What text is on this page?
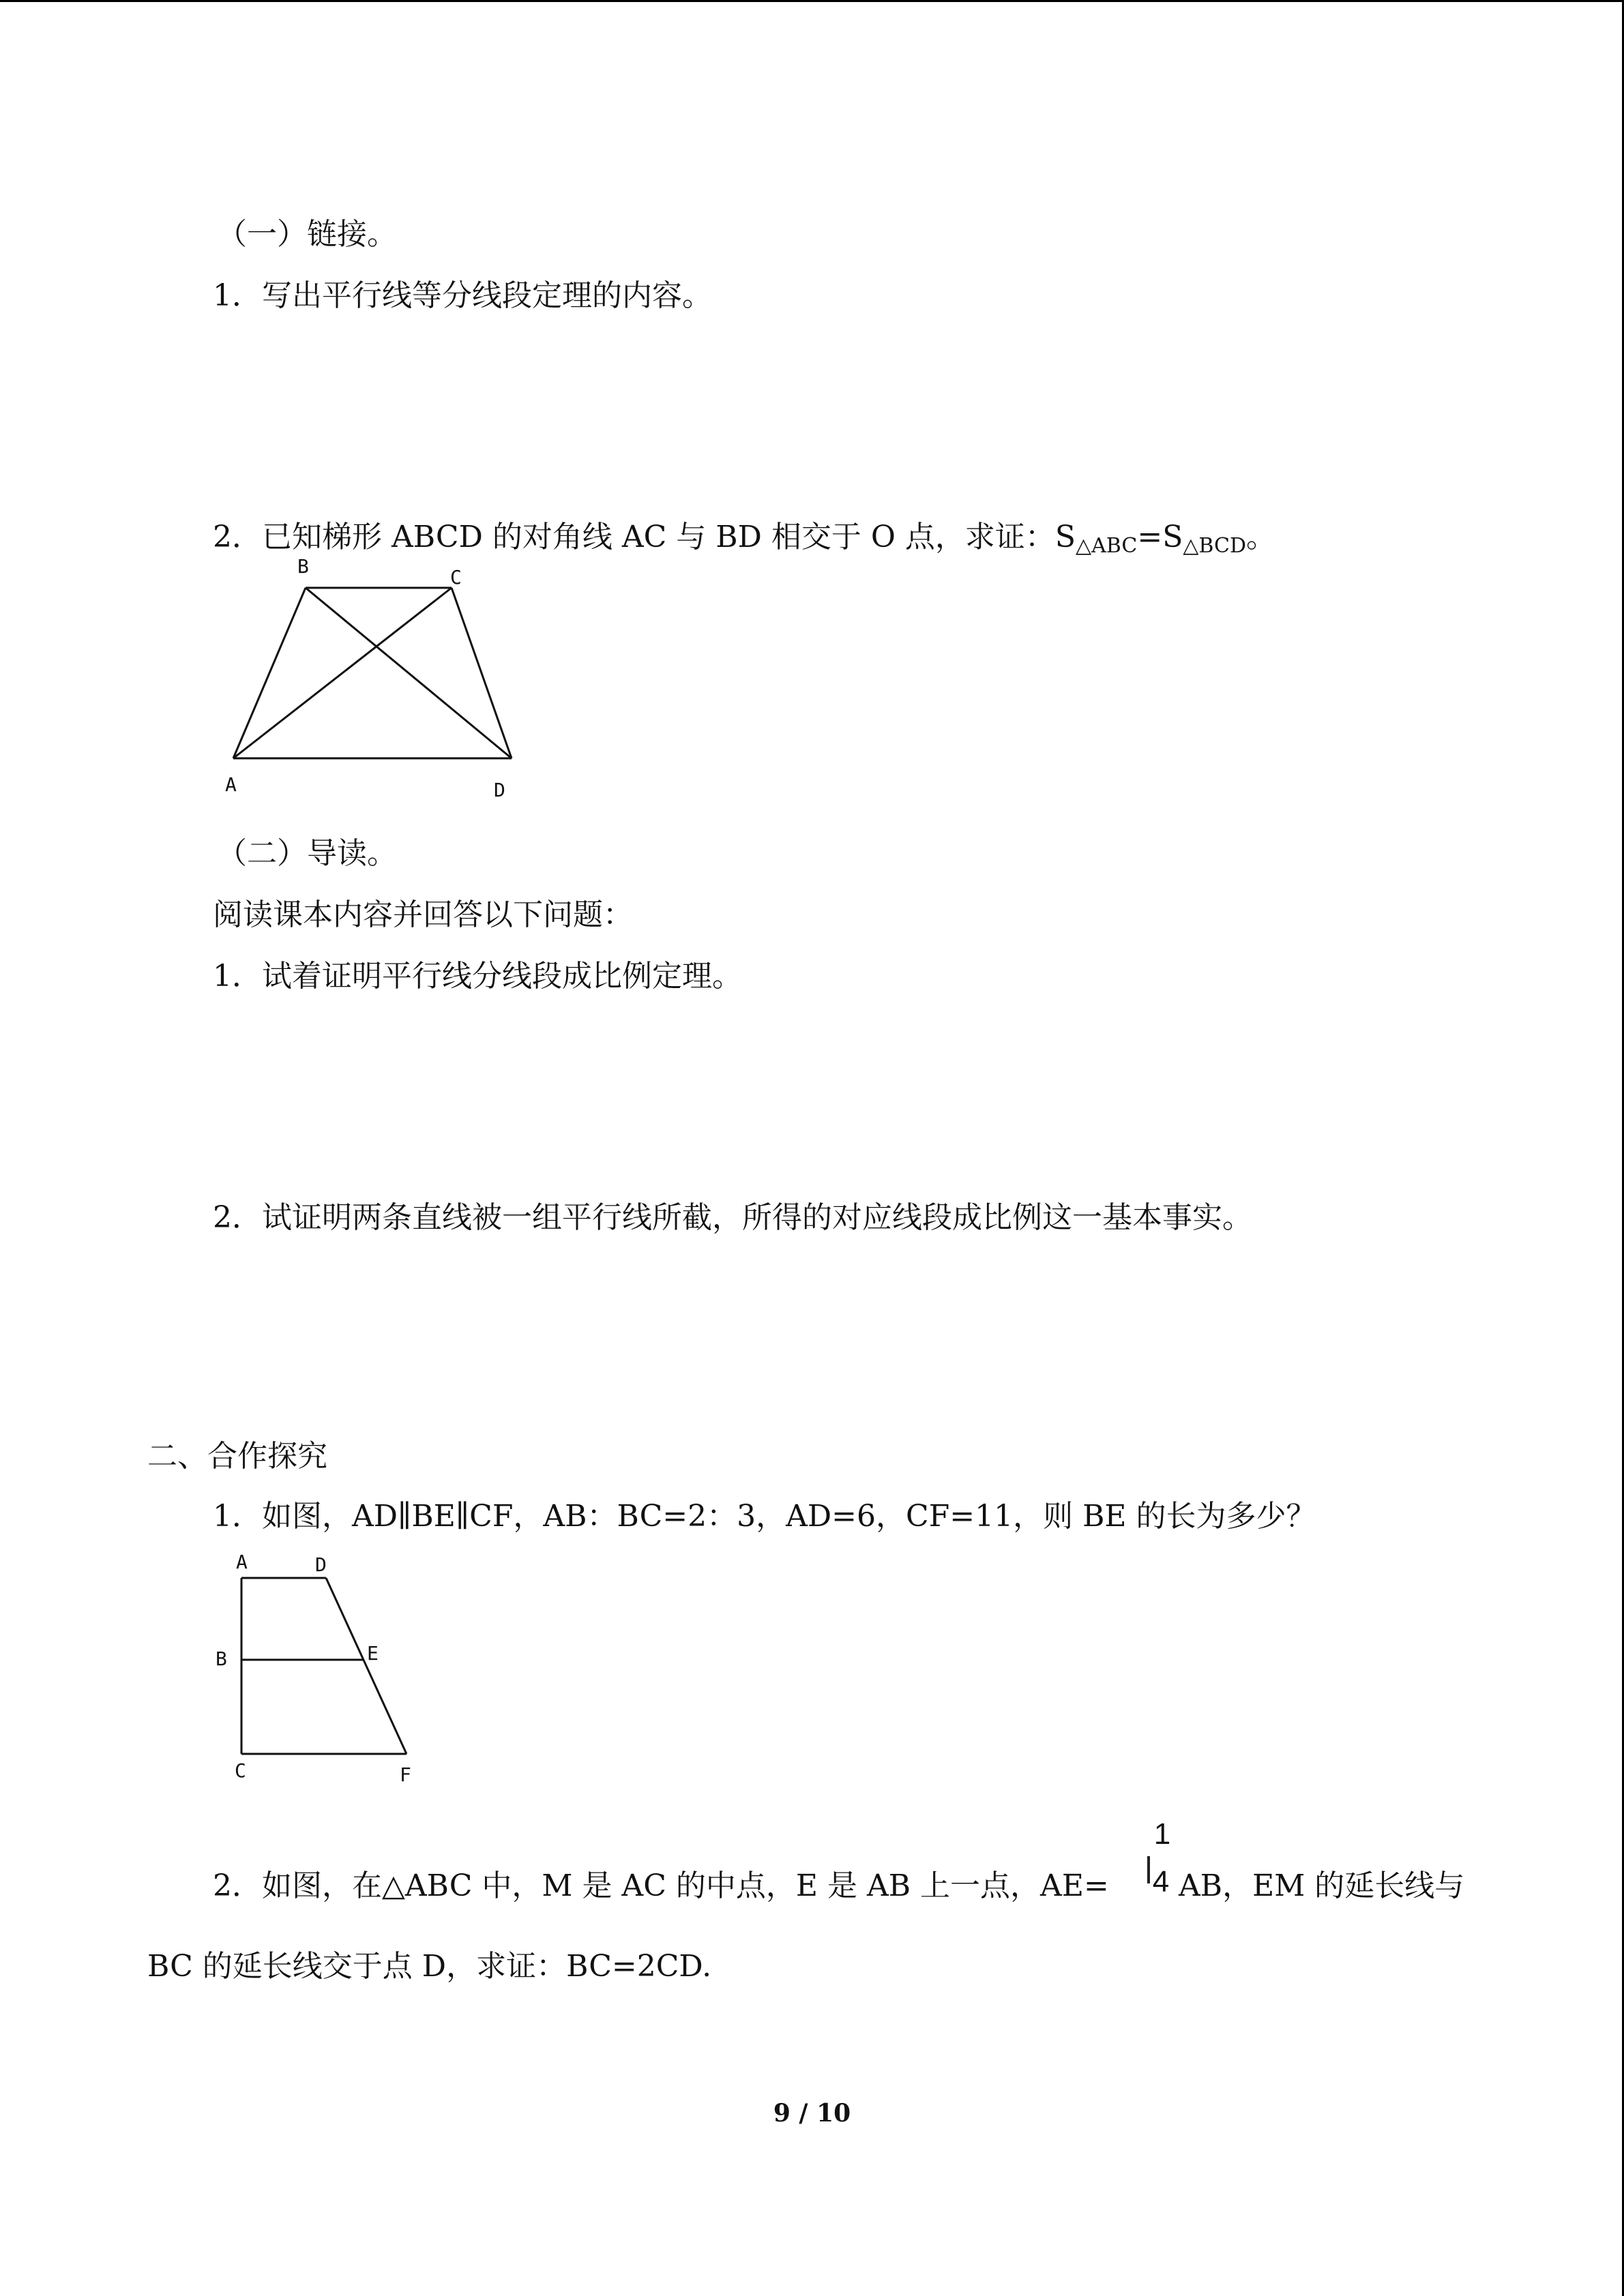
（一）链接。
1．写出平行线等分线段定理的内容。
2．已知梯形 ABCD 的对角线 AC 与 BD 相交于 O 点，求证：S△ABC=S△BCD。
B	C
A	D
（二）导读。
阅读课本内容并回答以下问题：
1．试着证明平行线分线段成比例定理。
2．试证明两条直线被一组平行线所截，所得的对应线段成比例这一基本事实。
二、合作探究
1．如图，AD∥BE∥CF，AB：BC=2：3，AD=6，CF=11，则 BE 的长为多少？
A	D
B	E
C	F
2．如图，在△ABC 中，M 是 AC 的中点，E 是 AB 上一点，AE=
1
4 AB，EM 的延长线与
BC 的延长线交于点 D，求证：BC=2CD.
9 / 10
